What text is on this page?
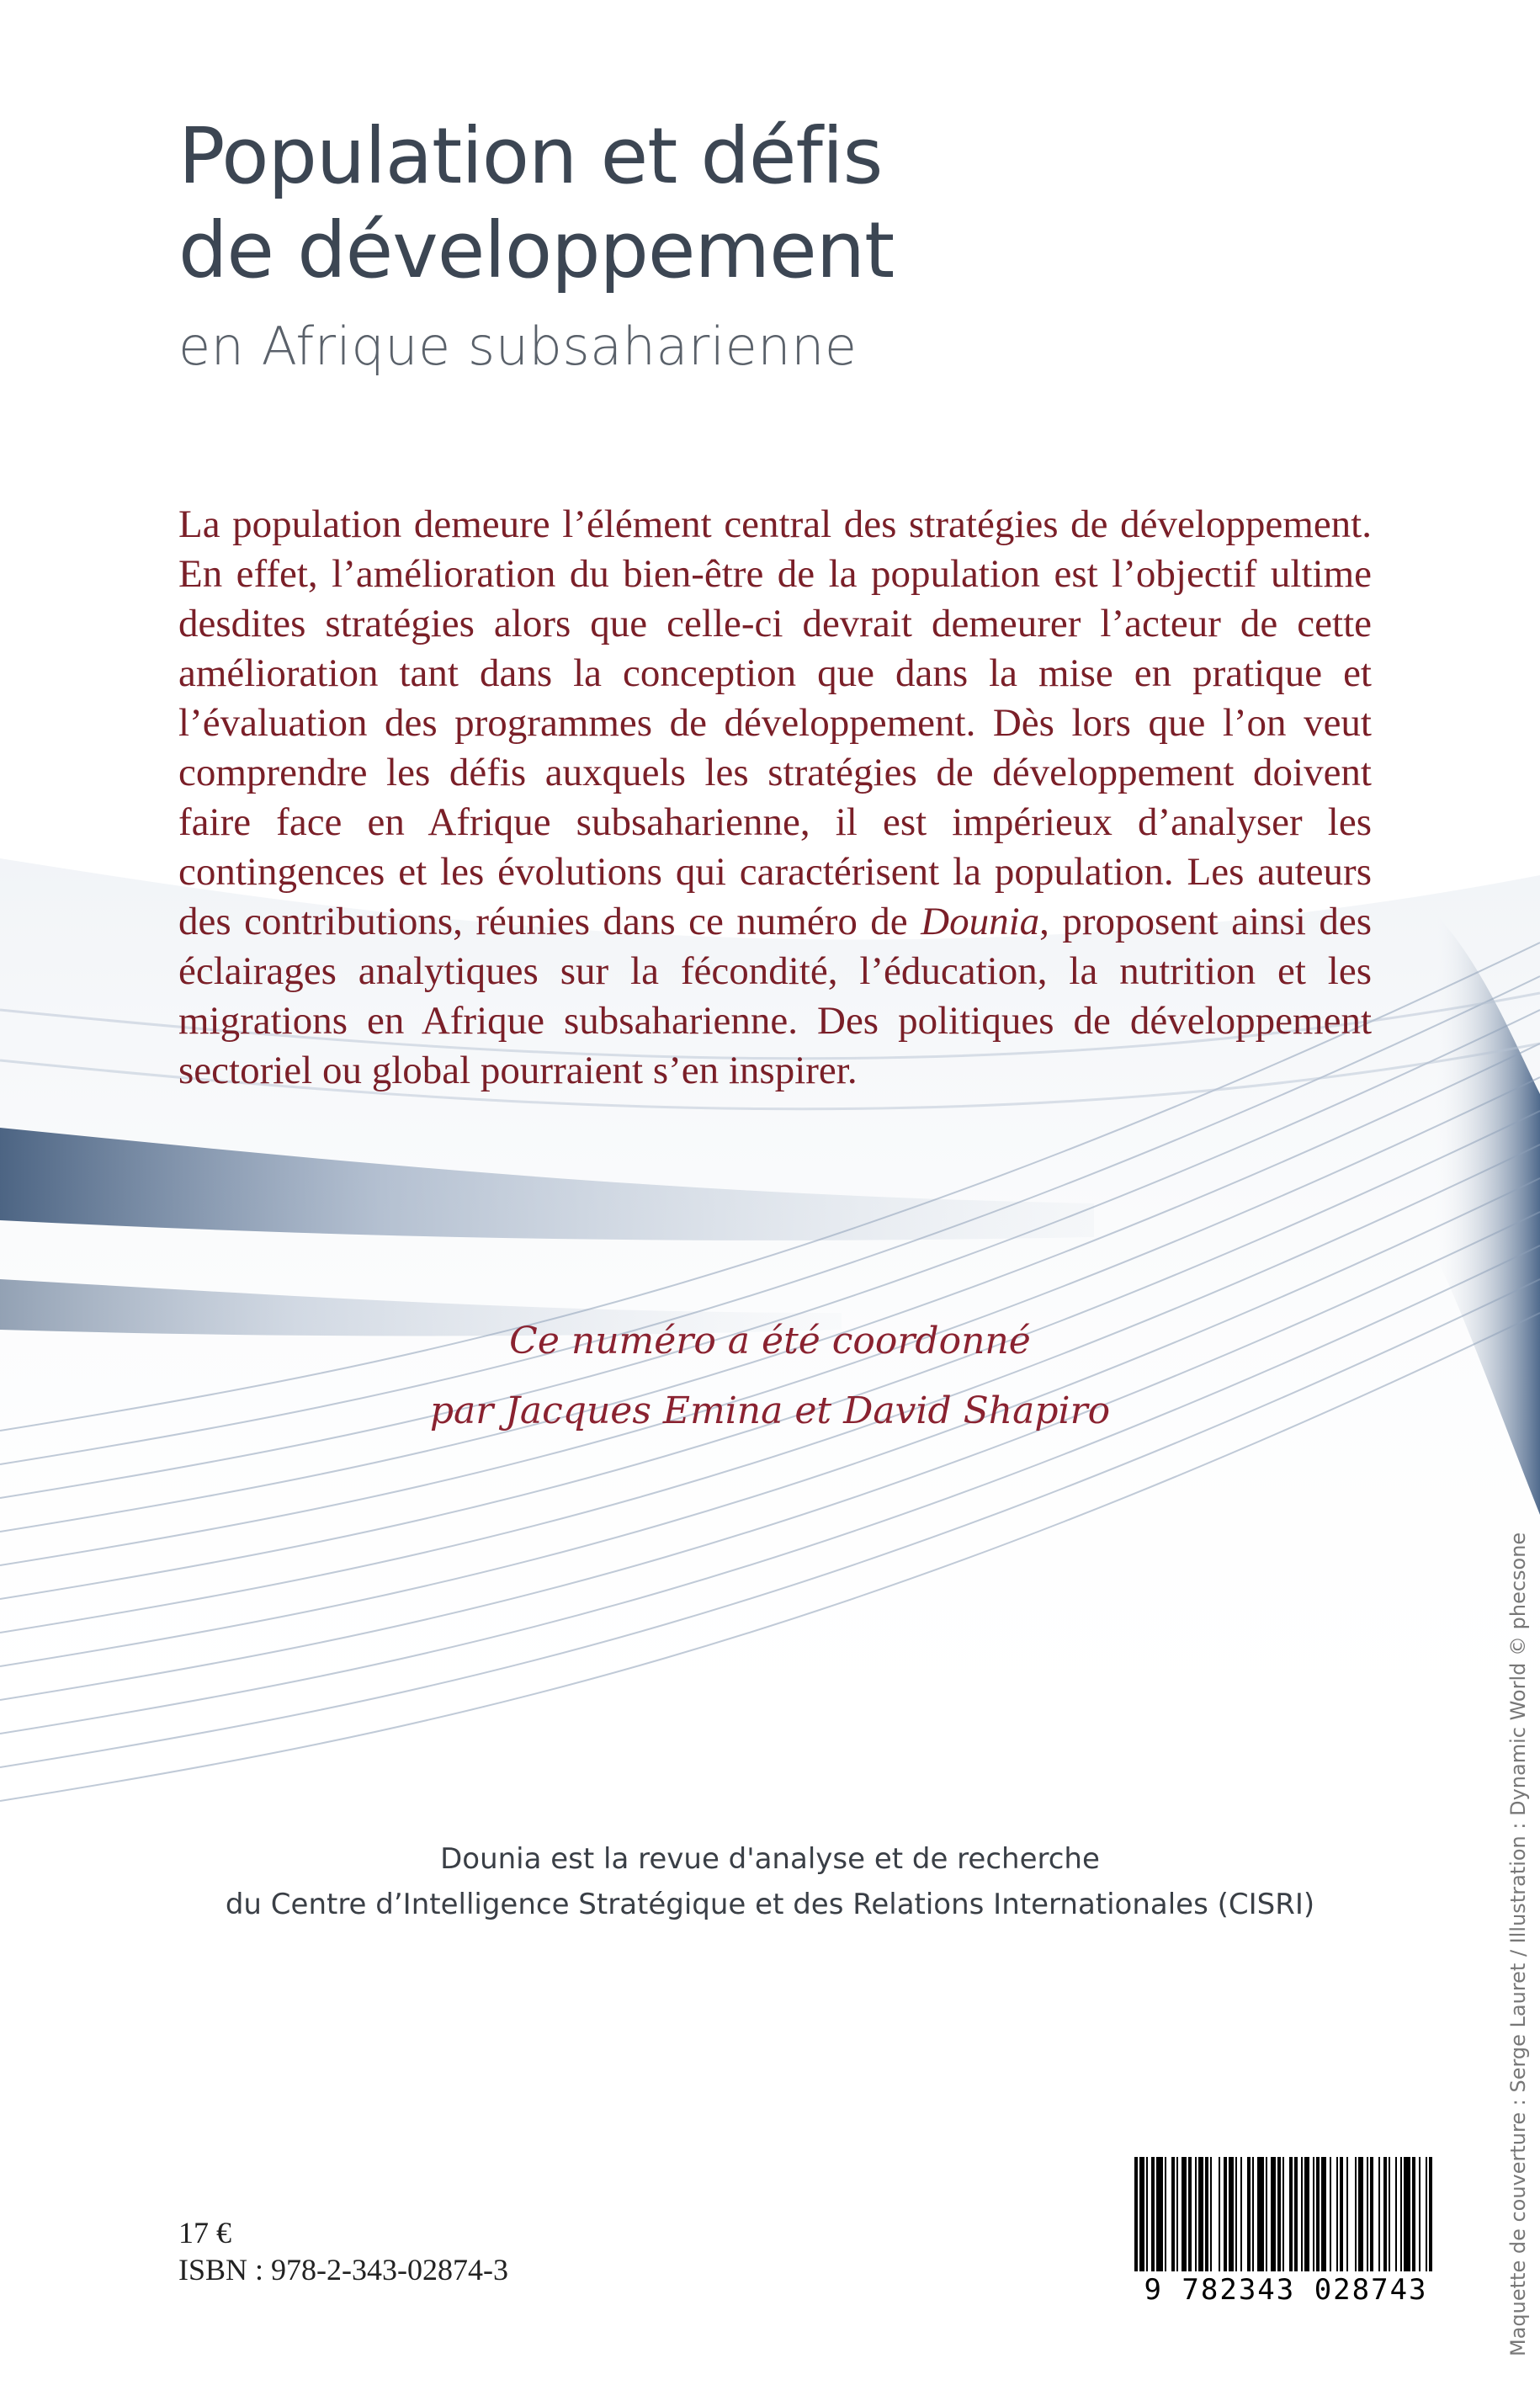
Population et défis
de développement

en Afrique subsaharienne

La population demeure l’élément central des stratégies de développement. En effet, l’amélioration du bien-être de la population est l’objectif ultime desdites stratégies alors que celle-ci devrait demeurer l’acteur de cette amélioration tant dans la conception que dans la mise en pratique et l’évaluation des programmes de développement. Dès lors que l’on veut comprendre les défis auxquels les stratégies de développement doivent faire face en Afrique subsaharienne, il est impérieux d’analyser les contingences et les évolutions qui caractérisent la population. Les auteurs des contributions, réunies dans ce numéro de Dounia, proposent ainsi des éclairages analytiques sur la fécondité, l’éducation, la nutrition et les migrations en Afrique subsaharienne. Des politiques de développement sectoriel ou global pourraient s’en inspirer.

Ce numéro a été coordonné
par Jacques Emina et David Shapiro

Dounia est la revue d'analyse et de recherche
du Centre d’Intelligence Stratégique et des Relations Internationales (CISRI)	Maquette de couverture : Serge Lauret / Illustration : Dynamic World © phecsone

17 €

ISBN : 978-2-343-02874-3

9 782343 028743
